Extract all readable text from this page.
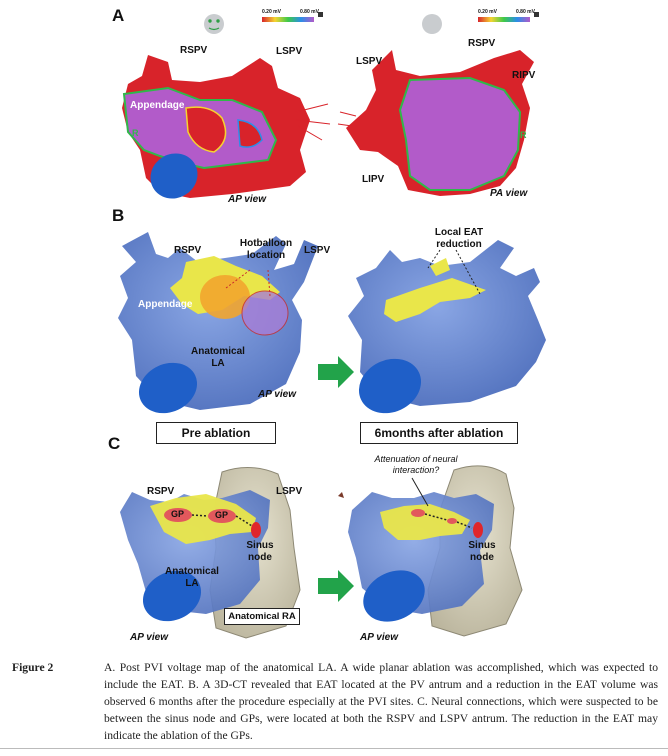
A
B
C
0.20 mV	0.80 mV	0.20 mV	0.80 mV
RSPV	LSPV
Appendage
R
AP view
LSPV
RSPV
RIPV
R
LIPV
PA view
RSPV
Hotballoon location	LSPV
Appendage
Anatomical LA
AP view
Local EAT reduction
Pre ablation	6months after ablation
RSPV	LSPV
GP	GP
Sinus node
Anatomical LA
Anatomical RA
AP view
Attenuation of neural interaction?
Sinus node
AP view
Figure 2	A. Post PVI voltage map of the anatomical LA. A wide planar ablation was accomplished, which was expected to include the EAT. B. A 3D-CT revealed that EAT located at the PV antrum and a reduction in the EAT volume was observed 6 months after the procedure especially at the PVI sites. C. Neural connections, which were suspected to be between the sinus node and GPs, were located at both the RSPV and LSPV antrum. The reduction in the EAT may indicate the ablation of the GPs.
